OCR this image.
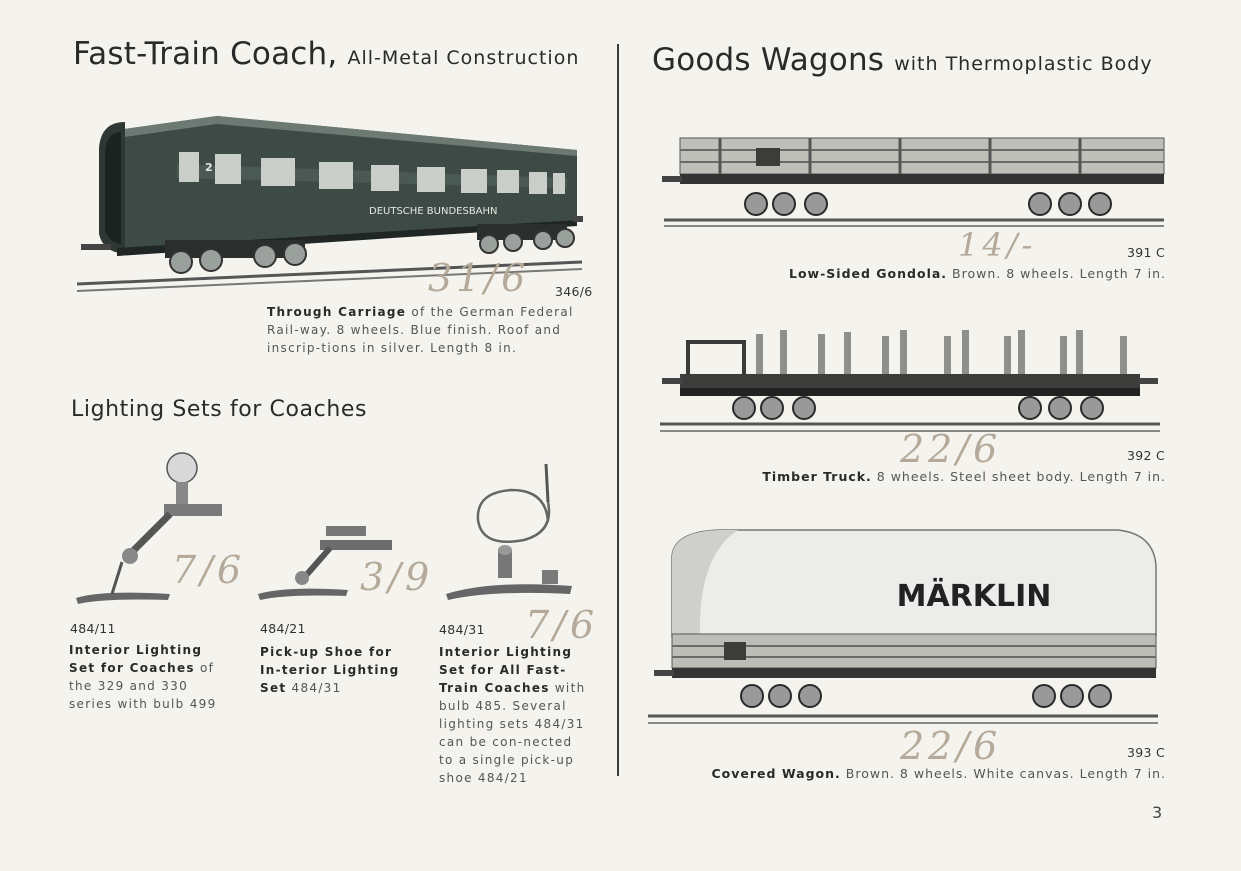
Fast-Train Coach, All-Metal Construction
2
DEUTSCHE BUNDESBAHN
31/6 346/6
Through Carriage of the German Federal Rail-way. 8 wheels. Blue finish. Roof and inscrip-tions in silver. Length 8 in.
Lighting Sets for Coaches
7/6
484/11
Interior Lighting Set for Coaches of the 329 and 330 series with bulb 499
3/9
484/21
Pick-up Shoe for In-terior Lighting Set 484/31
7/6
484/31
Interior Lighting Set for All Fast-Train Coaches with bulb 485. Several lighting sets 484/31 can be con-nected to a single pick-up shoe 484/21
Goods Wagons with Thermoplastic Body
14/-	391 C
Low-Sided Gondola. Brown. 8 wheels. Length 7 in.
22/6	392 C
Timber Truck. 8 wheels. Steel sheet body. Length 7 in.
MÄRKLIN
22/6	393 C
Covered Wagon. Brown. 8 wheels. White canvas. Length 7 in.
3
